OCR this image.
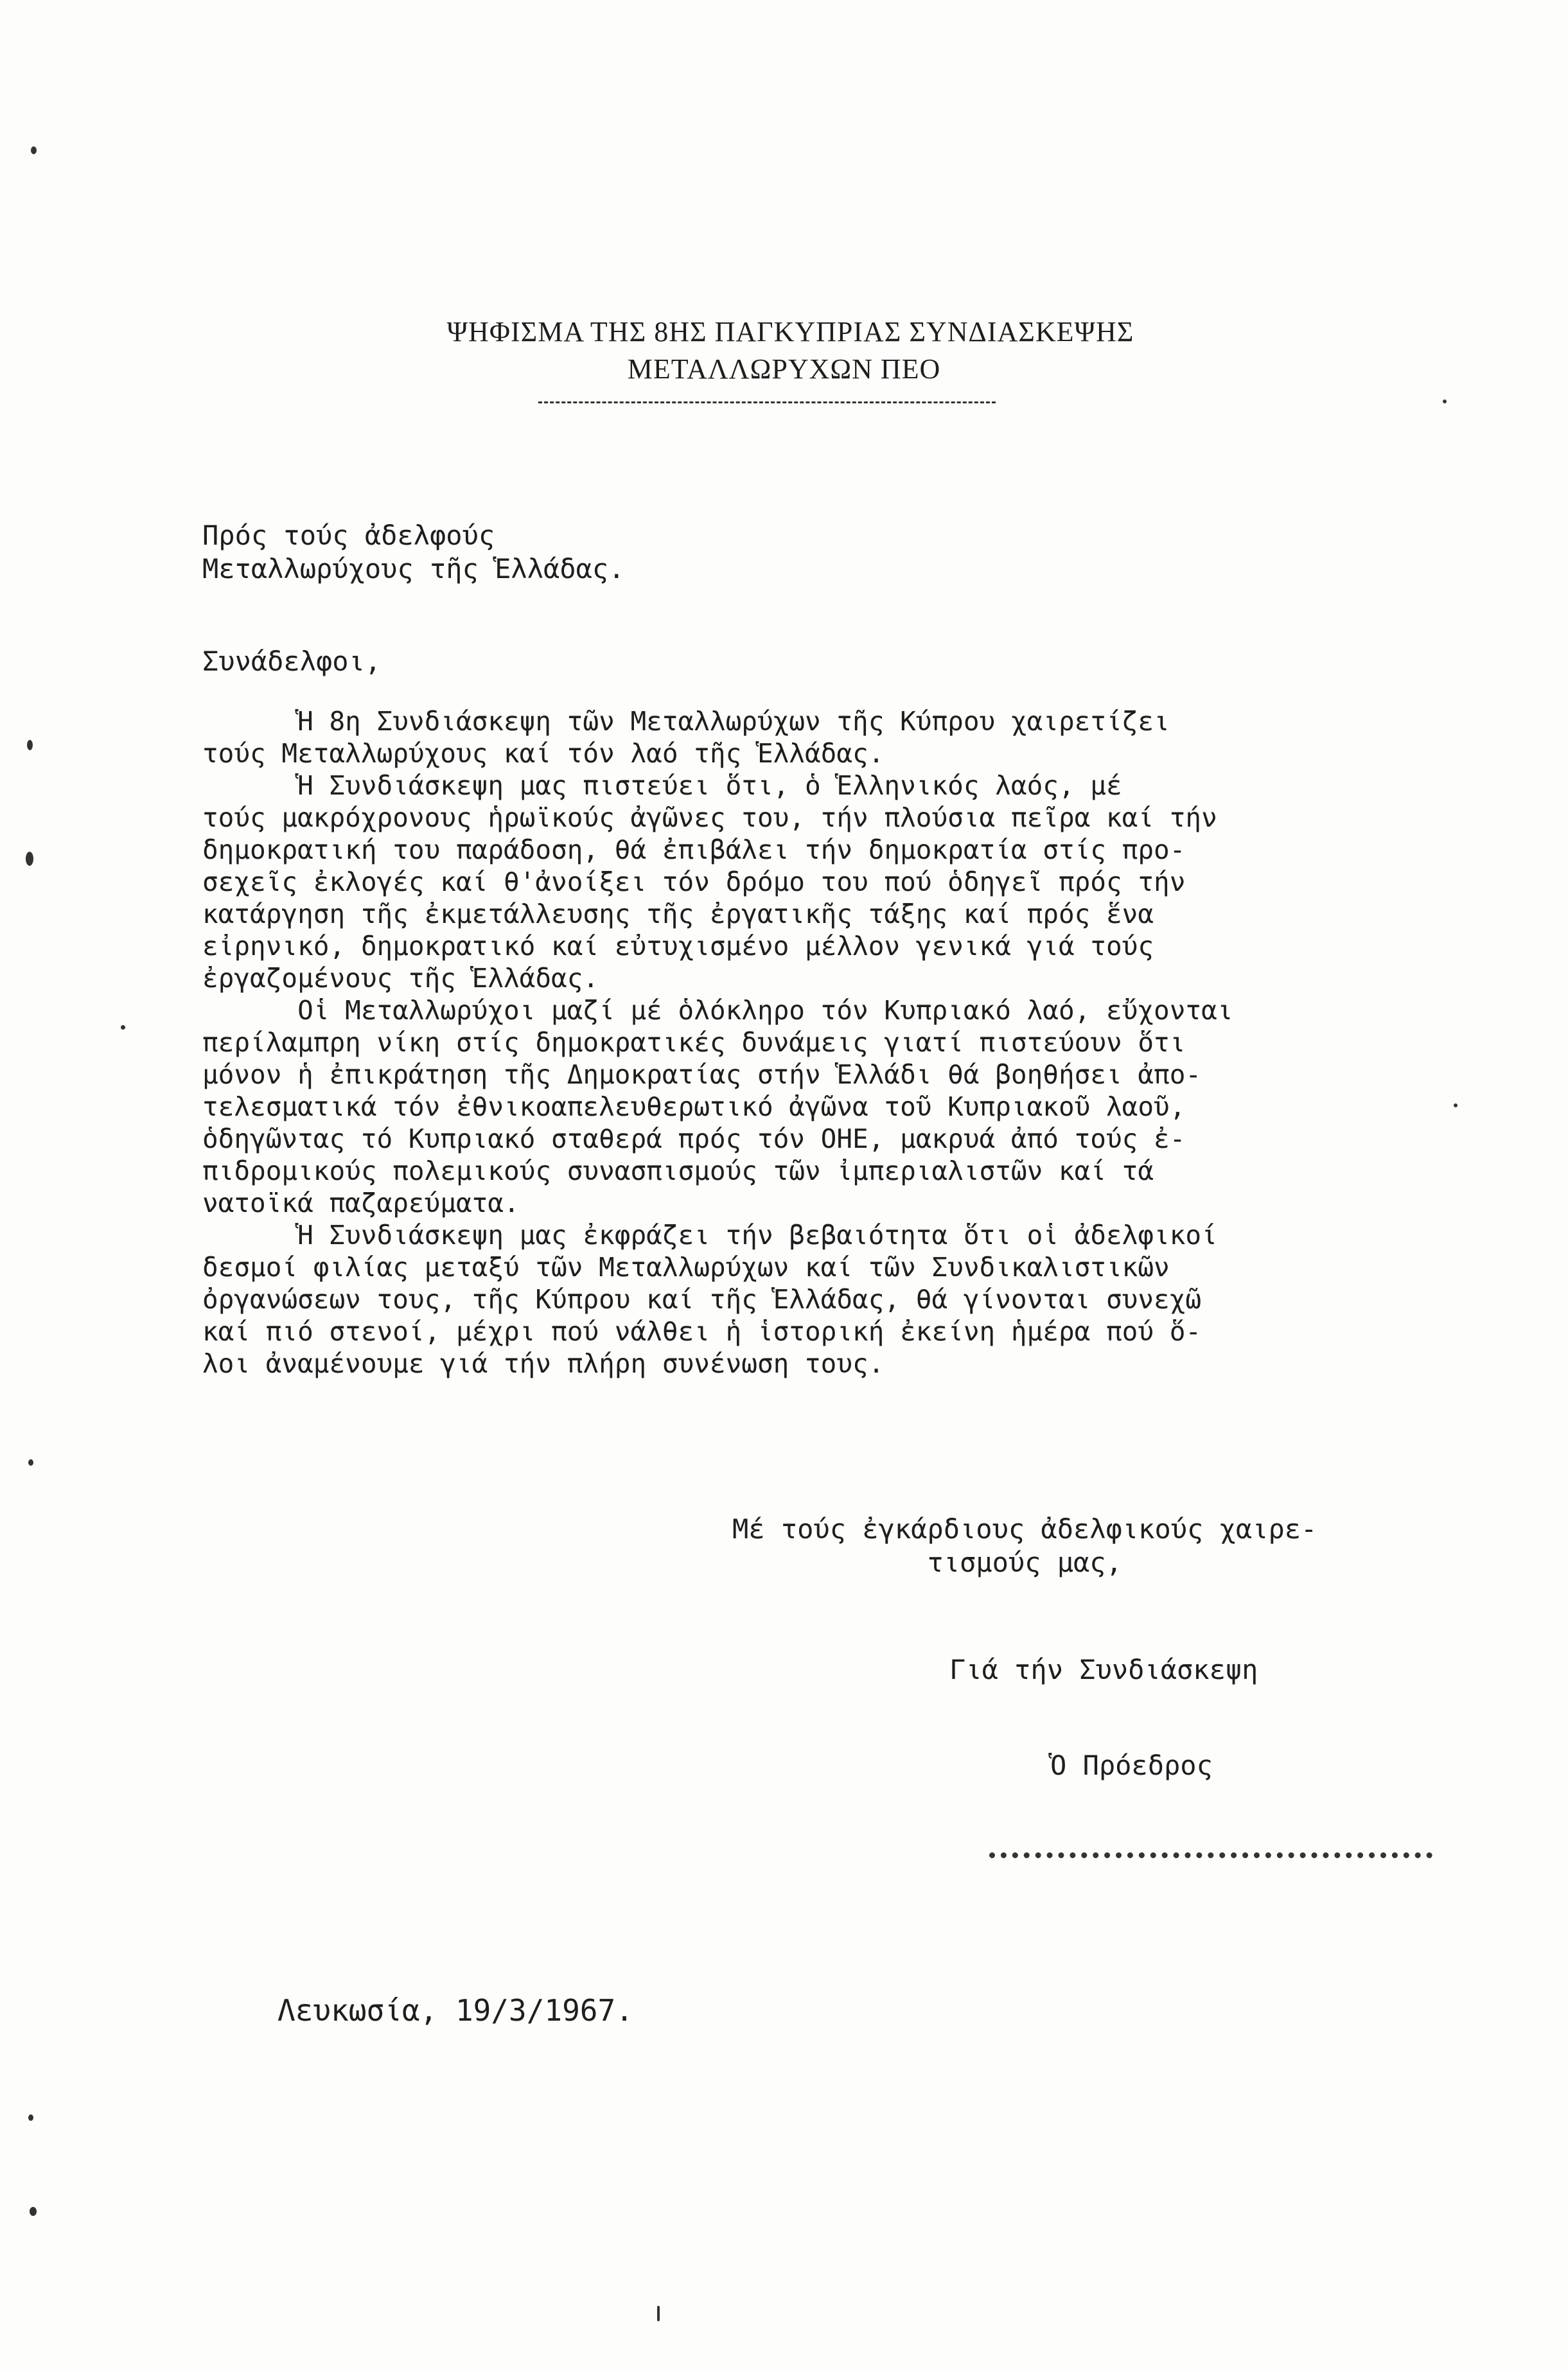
ΨΗΦΙΣΜΑ ΤΗΣ 8ΗΣ ΠΑΓΚΥΠΡΙΑΣ ΣΥΝΔΙΑΣΚΕΨΗΣ
ΜΕΤΑΛΛΩΡΥΧΩΝ ΠΕΟ
Πρός τούς ἀδελφούς
Μεταλλωρύχους τῆς Ἑλλάδας.
Συνάδελφοι,
Ἡ 8η Συνδιάσκεψη τῶν Μεταλλωρύχων τῆς Κύπρου χαιρετίζει
τούς Μεταλλωρύχους καί τόν λαό τῆς Ἑλλάδας.
Ἡ Συνδιάσκεψη μας πιστεύει ὅτι, ὁ Ἑλληνικός λαός, μέ
τούς μακρόχρονους ἡρωϊκούς ἀγῶνες του, τήν πλούσια πεῖρα καί τήν
δημοκρατική του παράδοση, θά ἐπιβάλει τήν δημοκρατία στίς προ-
σεχεῖς ἐκλογές καί θ'ἀνοίξει τόν δρόμο του πού ὁδηγεῖ πρός τήν
κατάργηση τῆς ἐκμετάλλευσης τῆς ἐργατικῆς τάξης καί πρός ἕνα
εἰρηνικό, δημοκρατικό καί εὐτυχισμένο μέλλον γενικά γιά τούς
ἐργαζομένους τῆς Ἑλλάδας.
Οἱ Μεταλλωρύχοι μαζί μέ ὁλόκληρο τόν Κυπριακό λαό, εὔχονται
περίλαμπρη νίκη στίς δημοκρατικές δυνάμεις γιατί πιστεύουν ὅτι
μόνον ἡ ἐπικράτηση τῆς Δημοκρατίας στήν Ἑλλάδι θά βοηθήσει ἀπο-
τελεσματικά τόν ἐθνικοαπελευθερωτικό ἀγῶνα τοῦ Κυπριακοῦ λαοῦ,
ὁδηγῶντας τό Κυπριακό σταθερά πρός τόν ΟΗΕ, μακρυά ἀπό τούς ἐ-
πιδρομικούς πολεμικούς συνασπισμούς τῶν ἰμπεριαλιστῶν καί τά
νατοϊκά παζαρεύματα.
Ἡ Συνδιάσκεψη μας ἐκφράζει τήν βεβαιότητα ὅτι οἱ ἀδελφικοί
δεσμοί φιλίας μεταξύ τῶν Μεταλλωρύχων καί τῶν Συνδικαλιστικῶν
ὀργανώσεων τους, τῆς Κύπρου καί τῆς Ἑλλάδας, θά γίνονται συνεχῶ
καί πιό στενοί, μέχρι πού νάλθει ἡ ἱστορική ἐκείνη ἡμέρα πού ὅ-
λοι ἀναμένουμε γιά τήν πλήρη συνένωση τους.
Μέ τούς ἐγκάρδιους ἀδελφικούς χαιρε-
τισμούς μας,
Γιά τήν Συνδιάσκεψη
Ὁ Πρόεδρος
Λευκωσία, 19/3/1967.
